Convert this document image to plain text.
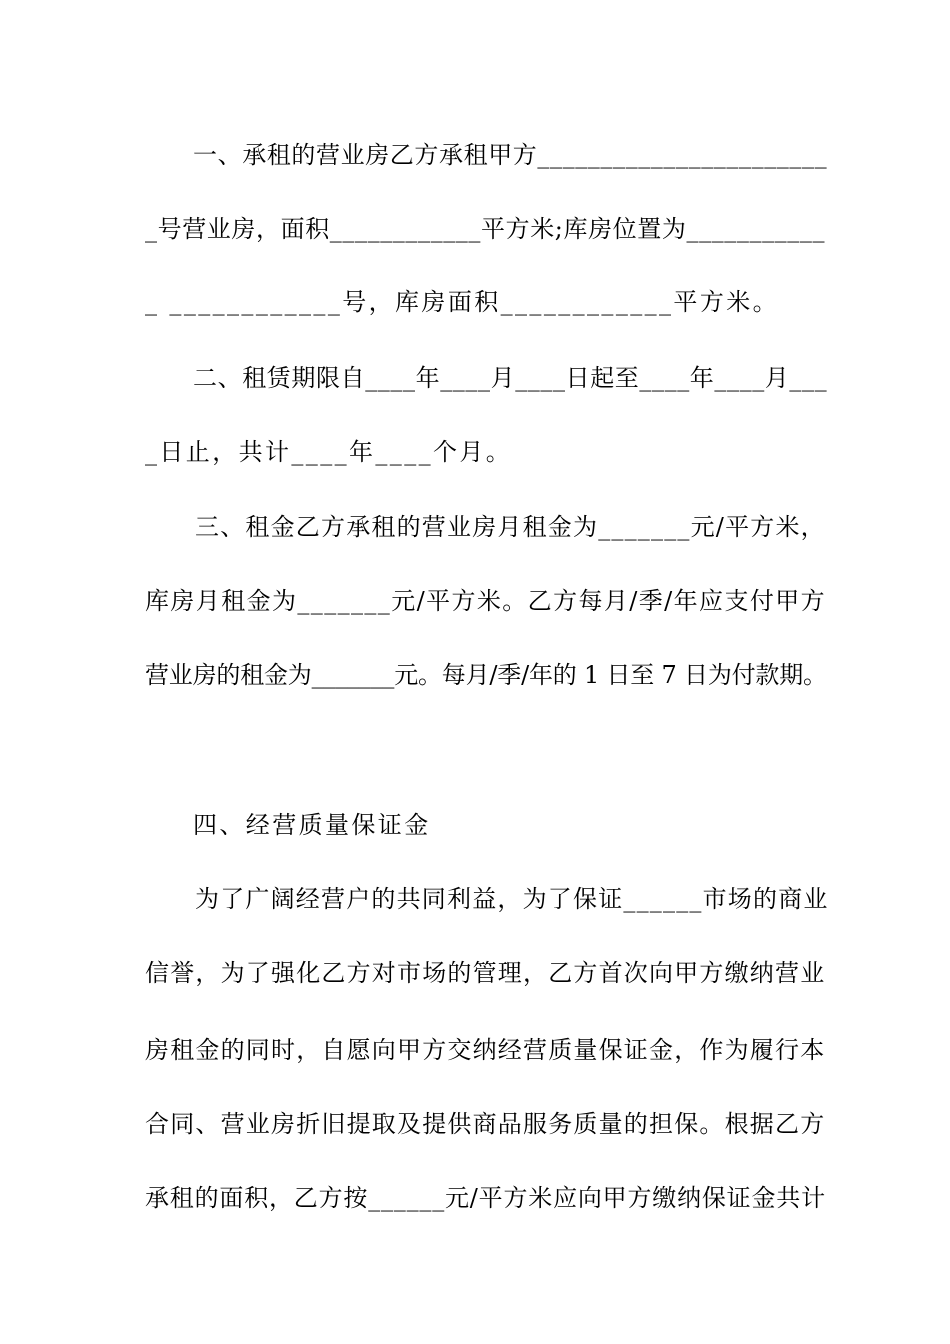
一、承租的营业房乙方承租甲方_______________________
_号营业房，面积____________平方米;库房位置为___________
_ ____________号，库房面积____________平方米。
二、租赁期限自____年____月____日起至____年____月___
_日止，共计____年____个月。
三、租金乙方承租的营业房月租金为_______元/平方米，
库房月租金为_______元/平方米。乙方每月/季/年应支付甲方
营业房的租金为_______元。每月/季/年的 1 日至 7 日为付款期。
四、经营质量保证金
为了广阔经营户的共同利益，为了保证______市场的商业
信誉，为了强化乙方对市场的管理，乙方首次向甲方缴纳营业
房租金的同时，自愿向甲方交纳经营质量保证金，作为履行本
合同、营业房折旧提取及提供商品服务质量的担保。根据乙方
承租的面积，乙方按______元/平方米应向甲方缴纳保证金共计
